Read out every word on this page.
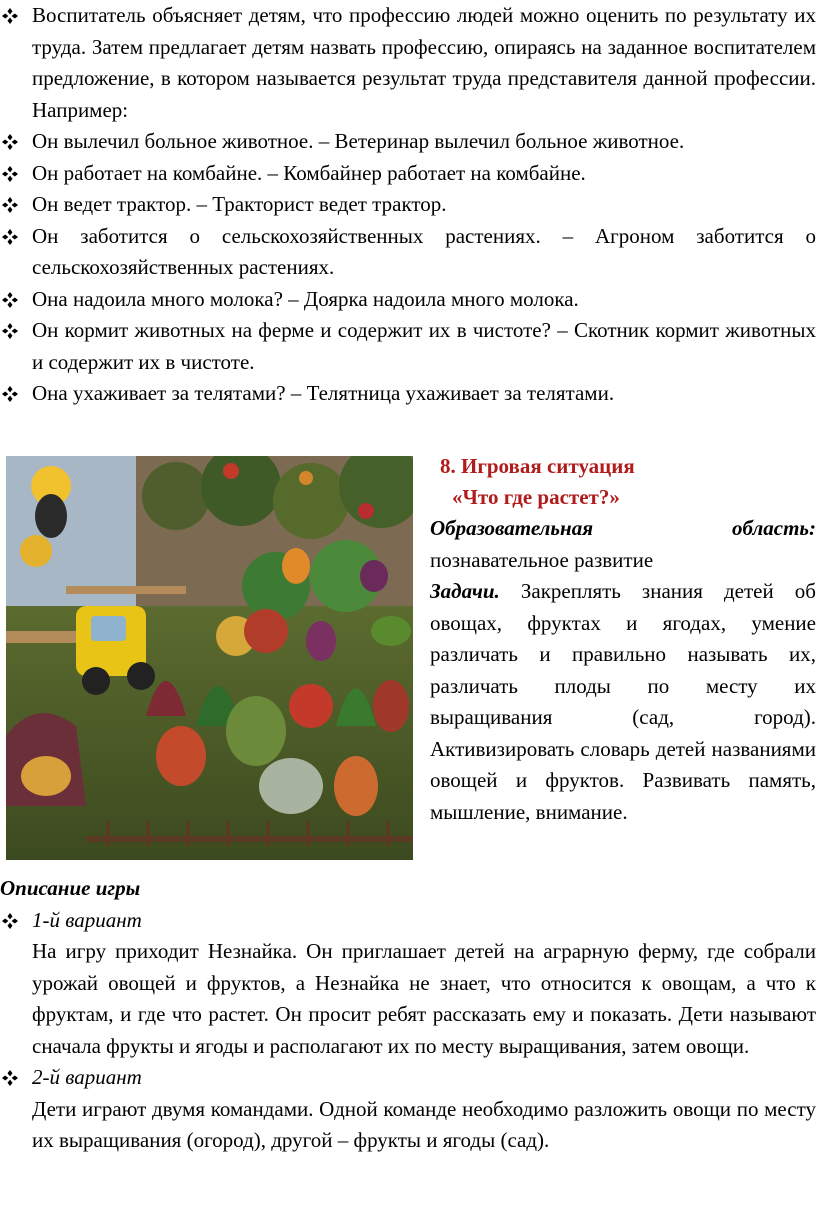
Воспитатель объясняет детям, что профессию людей можно оценить по результату их труда. Затем предлагает детям назвать профессию, опираясь на заданное воспитателем предложение, в котором называется результат труда представителя данной профессии. Например:
Он вылечил больное животное. – Ветеринар вылечил больное животное.
Он работает на комбайне. – Комбайнер работает на комбайне.
Он ведет трактор. – Тракторист ведет трактор.
Он заботится о сельскохозяйственных растениях. – Агроном заботится о сельскохозяйственных растениях.
Она надоила много молока? – Доярка надоила много молока.
Он кормит животных на ферме и содержит их в чистоте? – Скотник кормит животных и содержит их в чистоте.
Она ухаживает за телятами? – Телятница ухаживает за телятами.

8. Игровая ситуация

«Что где растет?»

Образовательная	область:

познавательное развитие

Задачи. Закреплять знания детей об овощах, фруктах и ягодах, умение различать и правильно называть их, различать плоды по месту их выращивания (сад, город). Активизировать словарь детей названиями овощей и фруктов. Развивать память, мышление, внимание.

Описание игры

1-й вариант

На игру приходит Незнайка. Он приглашает детей на аграрную ферму, где собрали урожай овощей и фруктов, а Незнайка не знает, что относится к овощам, а что к фруктам, и где что растет. Он просит ребят рассказать ему и показать. Дети называют сначала фрукты и ягоды и располагают их по месту выращивания, затем овощи.

2-й вариант

Дети играют двумя командами. Одной команде необходимо разложить овощи по месту их выращивания (огород), другой – фрукты и ягоды (сад).
